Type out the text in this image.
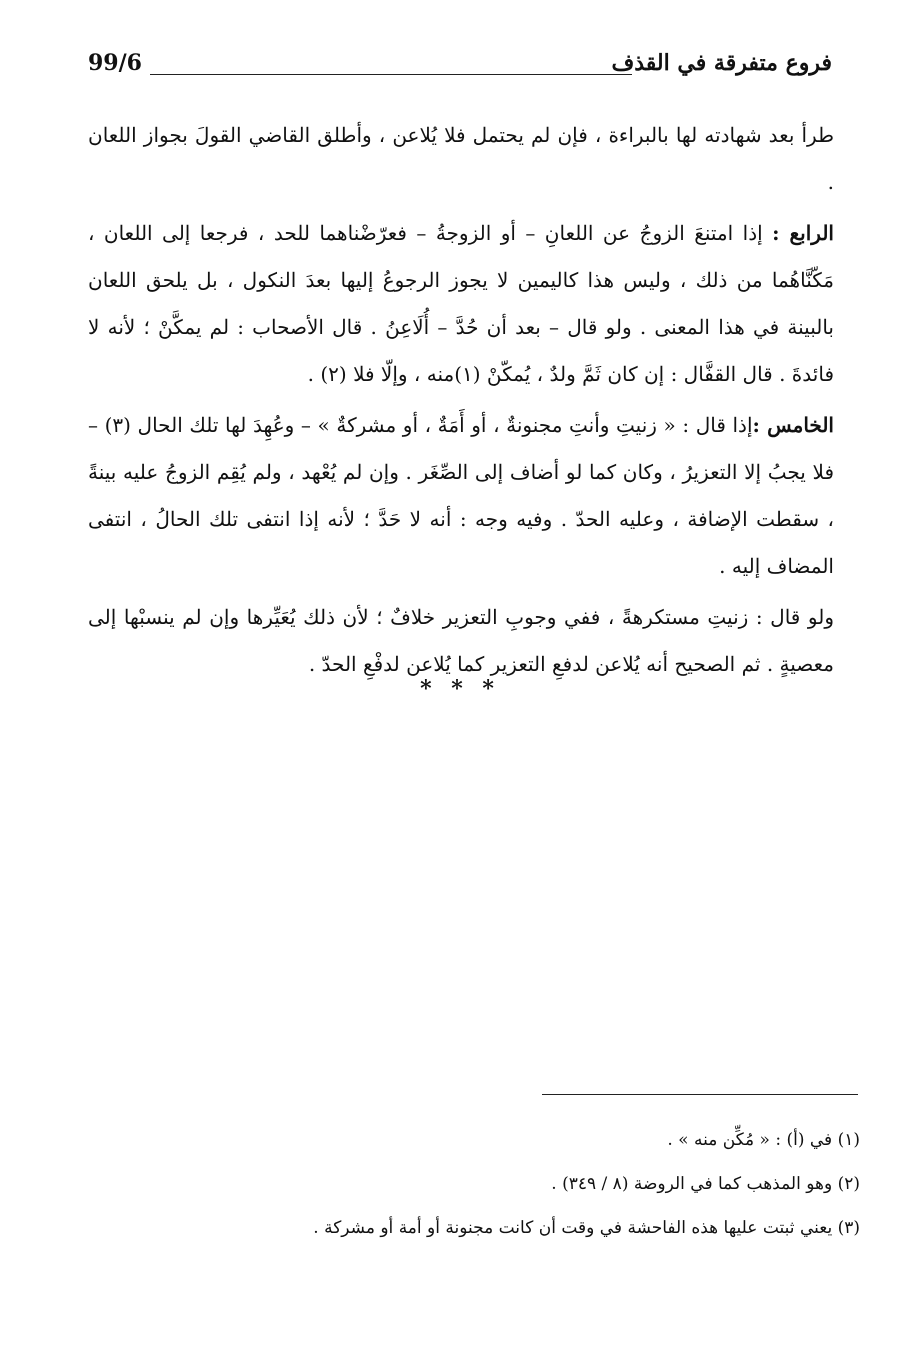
فروع متفرقة في القذف
99/6

طرأ بعد شهادته لها بالبراءة ، فإن لم يحتمل فلا يُلاعن ، وأطلق القاضي القولَ بجواز اللعان .

الرابع : إذا امتنعَ الزوجُ عن اللعانِ – أو الزوجةُ – فعرّضْناهما للحد ، فرجعا إلى اللعان ، مَكّنَّاهُما من ذلك ، وليس هذا كاليمين لا يجوز الرجوعُ إليها بعدَ النكول ، بل يلحق اللعان بالبينة في هذا المعنى . ولو قال – بعد أن حُدَّ – أُلَاعِنُ . قال الأصحاب : لم يمكَّنْ ؛ لأنه لا فائدةَ . قال القفَّال : إن كان ثَمَّ ولدٌ ، يُمكّنْ (١)منه ، وإلّا فلا (٢) .

الخامس :إذا قال : « زنيتِ وأنتِ مجنونةٌ ، أو أَمَةٌ ، أو مشركةٌ » – وعُهِدَ لها تلك الحال (٣) – فلا يجبُ إلا التعزيرُ ، وكان كما لو أضاف إلى الصِّغَر . وإن لم يُعْهد ، ولم يُقِم الزوجُ عليه بينةً ، سقطت الإضافة ، وعليه الحدّ . وفيه وجه : أنه لا حَدَّ ؛ لأنه إذا انتفى تلك الحالُ ، انتفى المضاف إليه .

ولو قال : زنيتِ مستكرهةً ، ففي وجوبِ التعزير خلافٌ ؛ لأن ذلك يُعَيِّرها وإن لم ينسبْها إلى معصيةٍ . ثم الصحيح أنه يُلاعن لدفعِ التعزير كما يُلاعن لدفْعِ الحدّ .

* * *

(١) في (أ) : « مُكِّن منه » .

(٢) وهو المذهب كما في الروضة (٨ / ٣٤٩) .

(٣) يعني ثبتت عليها هذه الفاحشة في وقت أن كانت مجنونة أو أمة أو مشركة .
